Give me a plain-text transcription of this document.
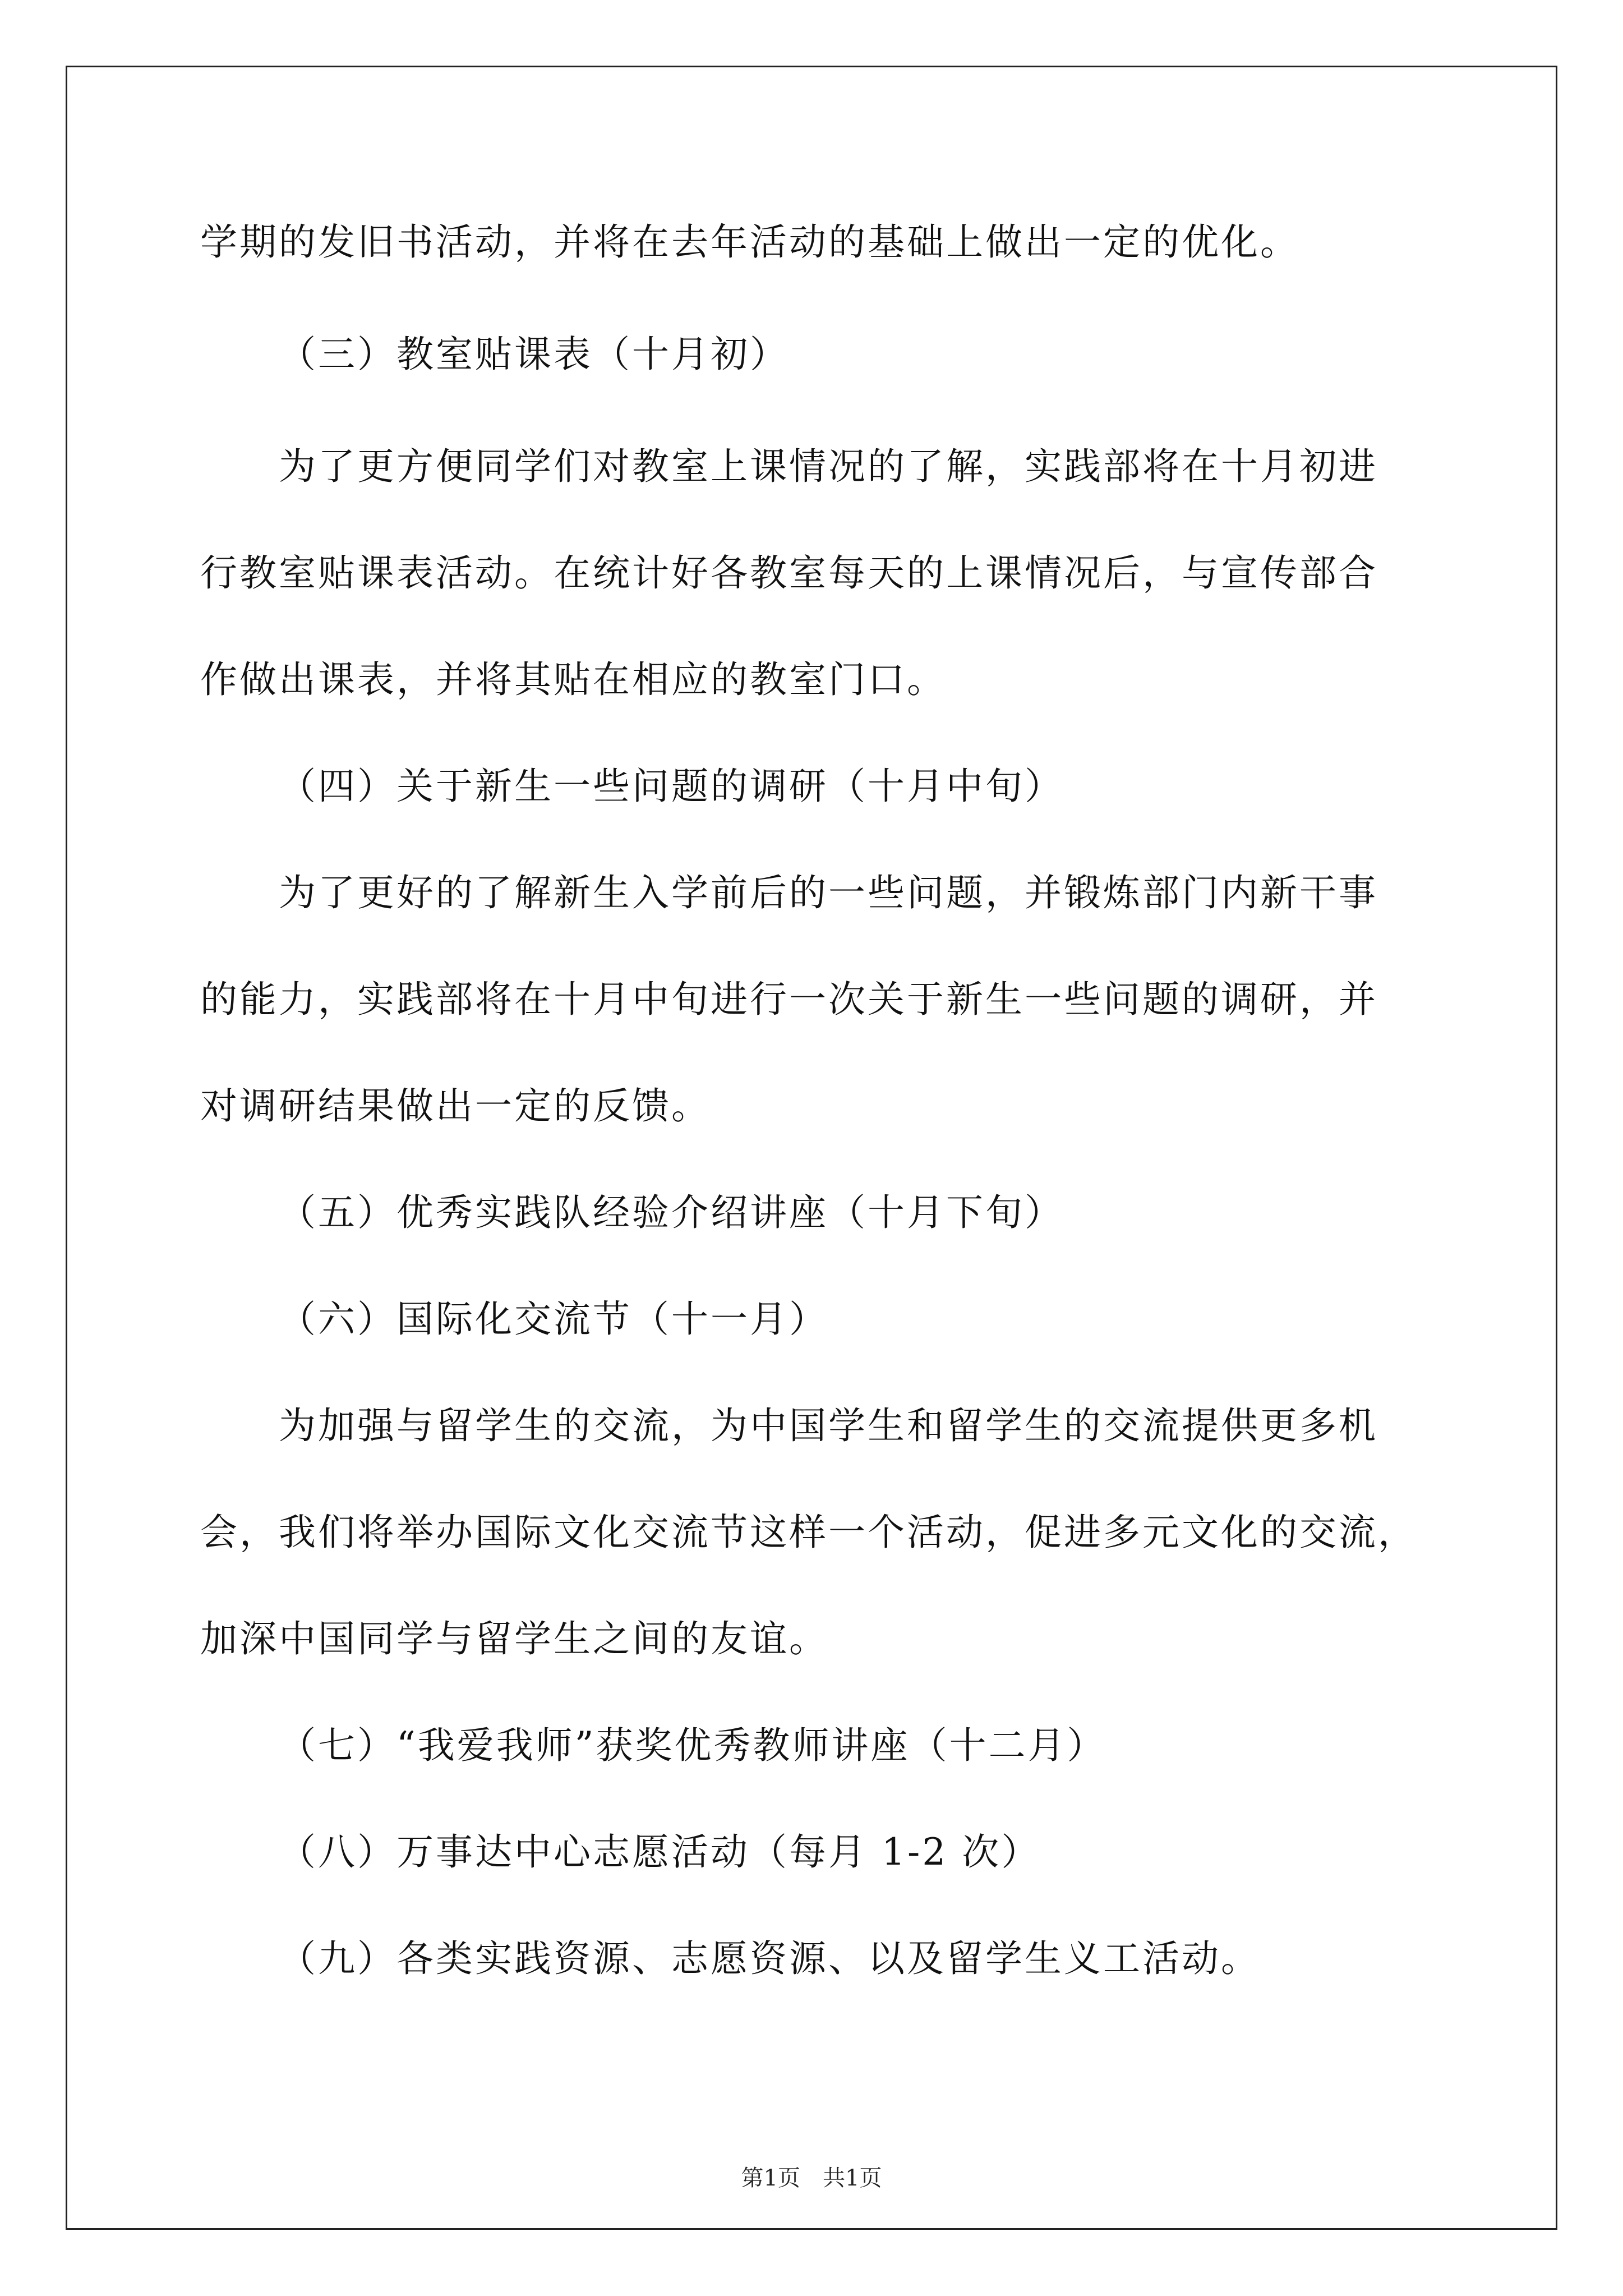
学期的发旧书活动，并将在去年活动的基础上做出一定的优化。
（三）教室贴课表（十月初）
为了更方便同学们对教室上课情况的了解，实践部将在十月初进
行教室贴课表活动。在统计好各教室每天的上课情况后，与宣传部合
作做出课表，并将其贴在相应的教室门口。
（四）关于新生一些问题的调研（十月中旬）
为了更好的了解新生入学前后的一些问题，并锻炼部门内新干事
的能力，实践部将在十月中旬进行一次关于新生一些问题的调研，并
对调研结果做出一定的反馈。
（五）优秀实践队经验介绍讲座（十月下旬）
（六）国际化交流节（十一月）
为加强与留学生的交流，为中国学生和留学生的交流提供更多机
会，我们将举办国际文化交流节这样一个活动，促进多元文化的交流，
加深中国同学与留学生之间的友谊。
（七）“我爱我师”获奖优秀教师讲座（十二月）
（八）万事达中心志愿活动（每月 1-2 次）
（九）各类实践资源、志愿资源、以及留学生义工活动。
第1页　共1页
